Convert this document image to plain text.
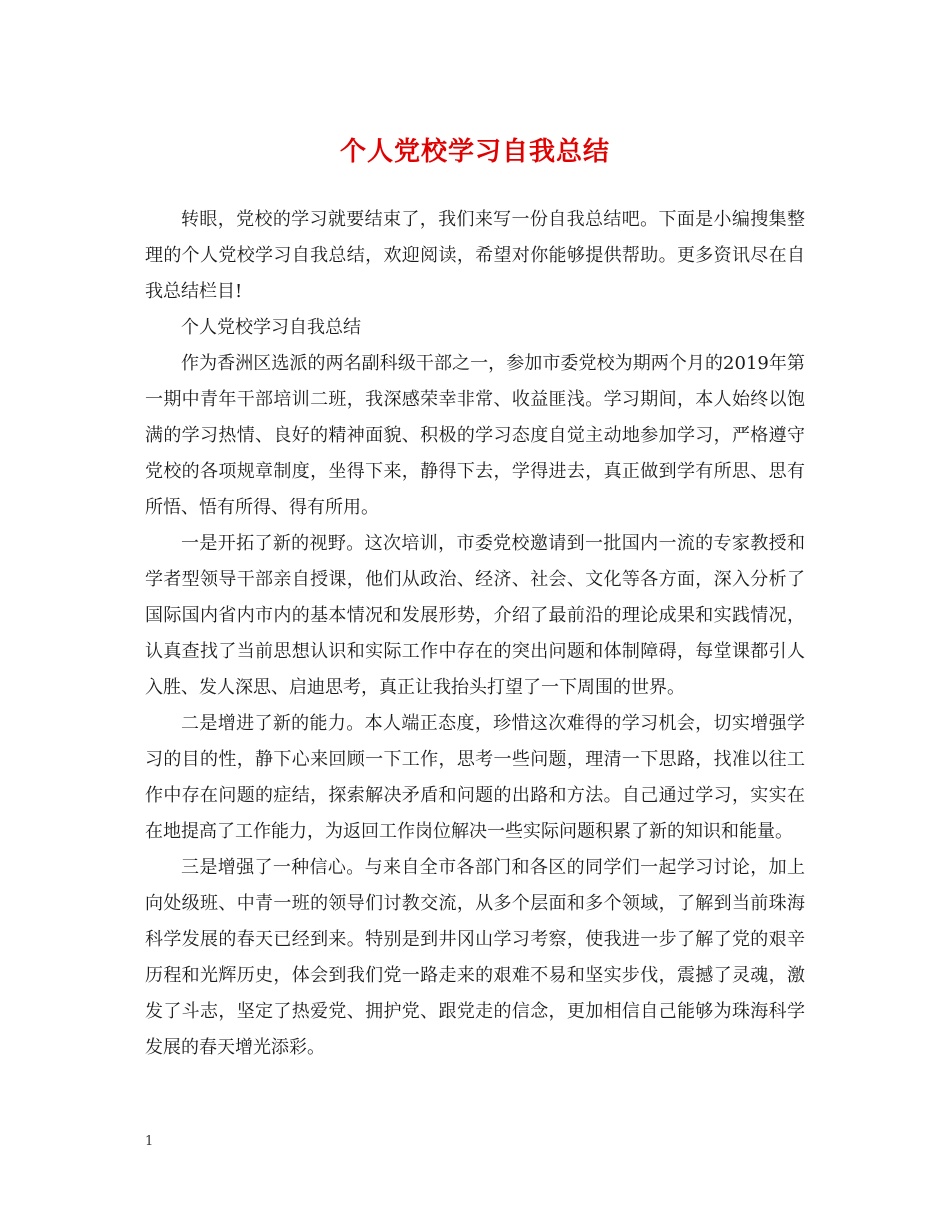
个人党校学习自我总结

转眼，党校的学习就要结束了，我们来写一份自我总结吧。下面是小编搜集整理的个人党校学习自我总结，欢迎阅读，希望对你能够提供帮助。更多资讯尽在自我总结栏目!

个人党校学习自我总结

作为香洲区选派的两名副科级干部之一，参加市委党校为期两个月的2019年第一期中青年干部培训二班，我深感荣幸非常、收益匪浅。学习期间，本人始终以饱满的学习热情、良好的精神面貌、积极的学习态度自觉主动地参加学习，严格遵守党校的各项规章制度，坐得下来，静得下去，学得进去，真正做到学有所思、思有所悟、悟有所得、得有所用。

一是开拓了新的视野。这次培训，市委党校邀请到一批国内一流的专家教授和学者型领导干部亲自授课，他们从政治、经济、社会、文化等各方面，深入分析了国际国内省内市内的基本情况和发展形势，介绍了最前沿的理论成果和实践情况，认真查找了当前思想认识和实际工作中存在的突出问题和体制障碍，每堂课都引人入胜、发人深思、启迪思考，真正让我抬头打望了一下周围的世界。

二是增进了新的能力。本人端正态度，珍惜这次难得的学习机会，切实增强学习的目的性，静下心来回顾一下工作，思考一些问题，理清一下思路，找准以往工作中存在问题的症结，探索解决矛盾和问题的出路和方法。自己通过学习，实实在在地提高了工作能力，为返回工作岗位解决一些实际问题积累了新的知识和能量。

三是增强了一种信心。与来自全市各部门和各区的同学们一起学习讨论，加上向处级班、中青一班的领导们讨教交流，从多个层面和多个领域，了解到当前珠海科学发展的春天已经到来。特别是到井冈山学习考察，使我进一步了解了党的艰辛历程和光辉历史，体会到我们党一路走来的艰难不易和坚实步伐，震撼了灵魂，激发了斗志，坚定了热爱党、拥护党、跟党走的信念，更加相信自己能够为珠海科学发展的春天增光添彩。

1
